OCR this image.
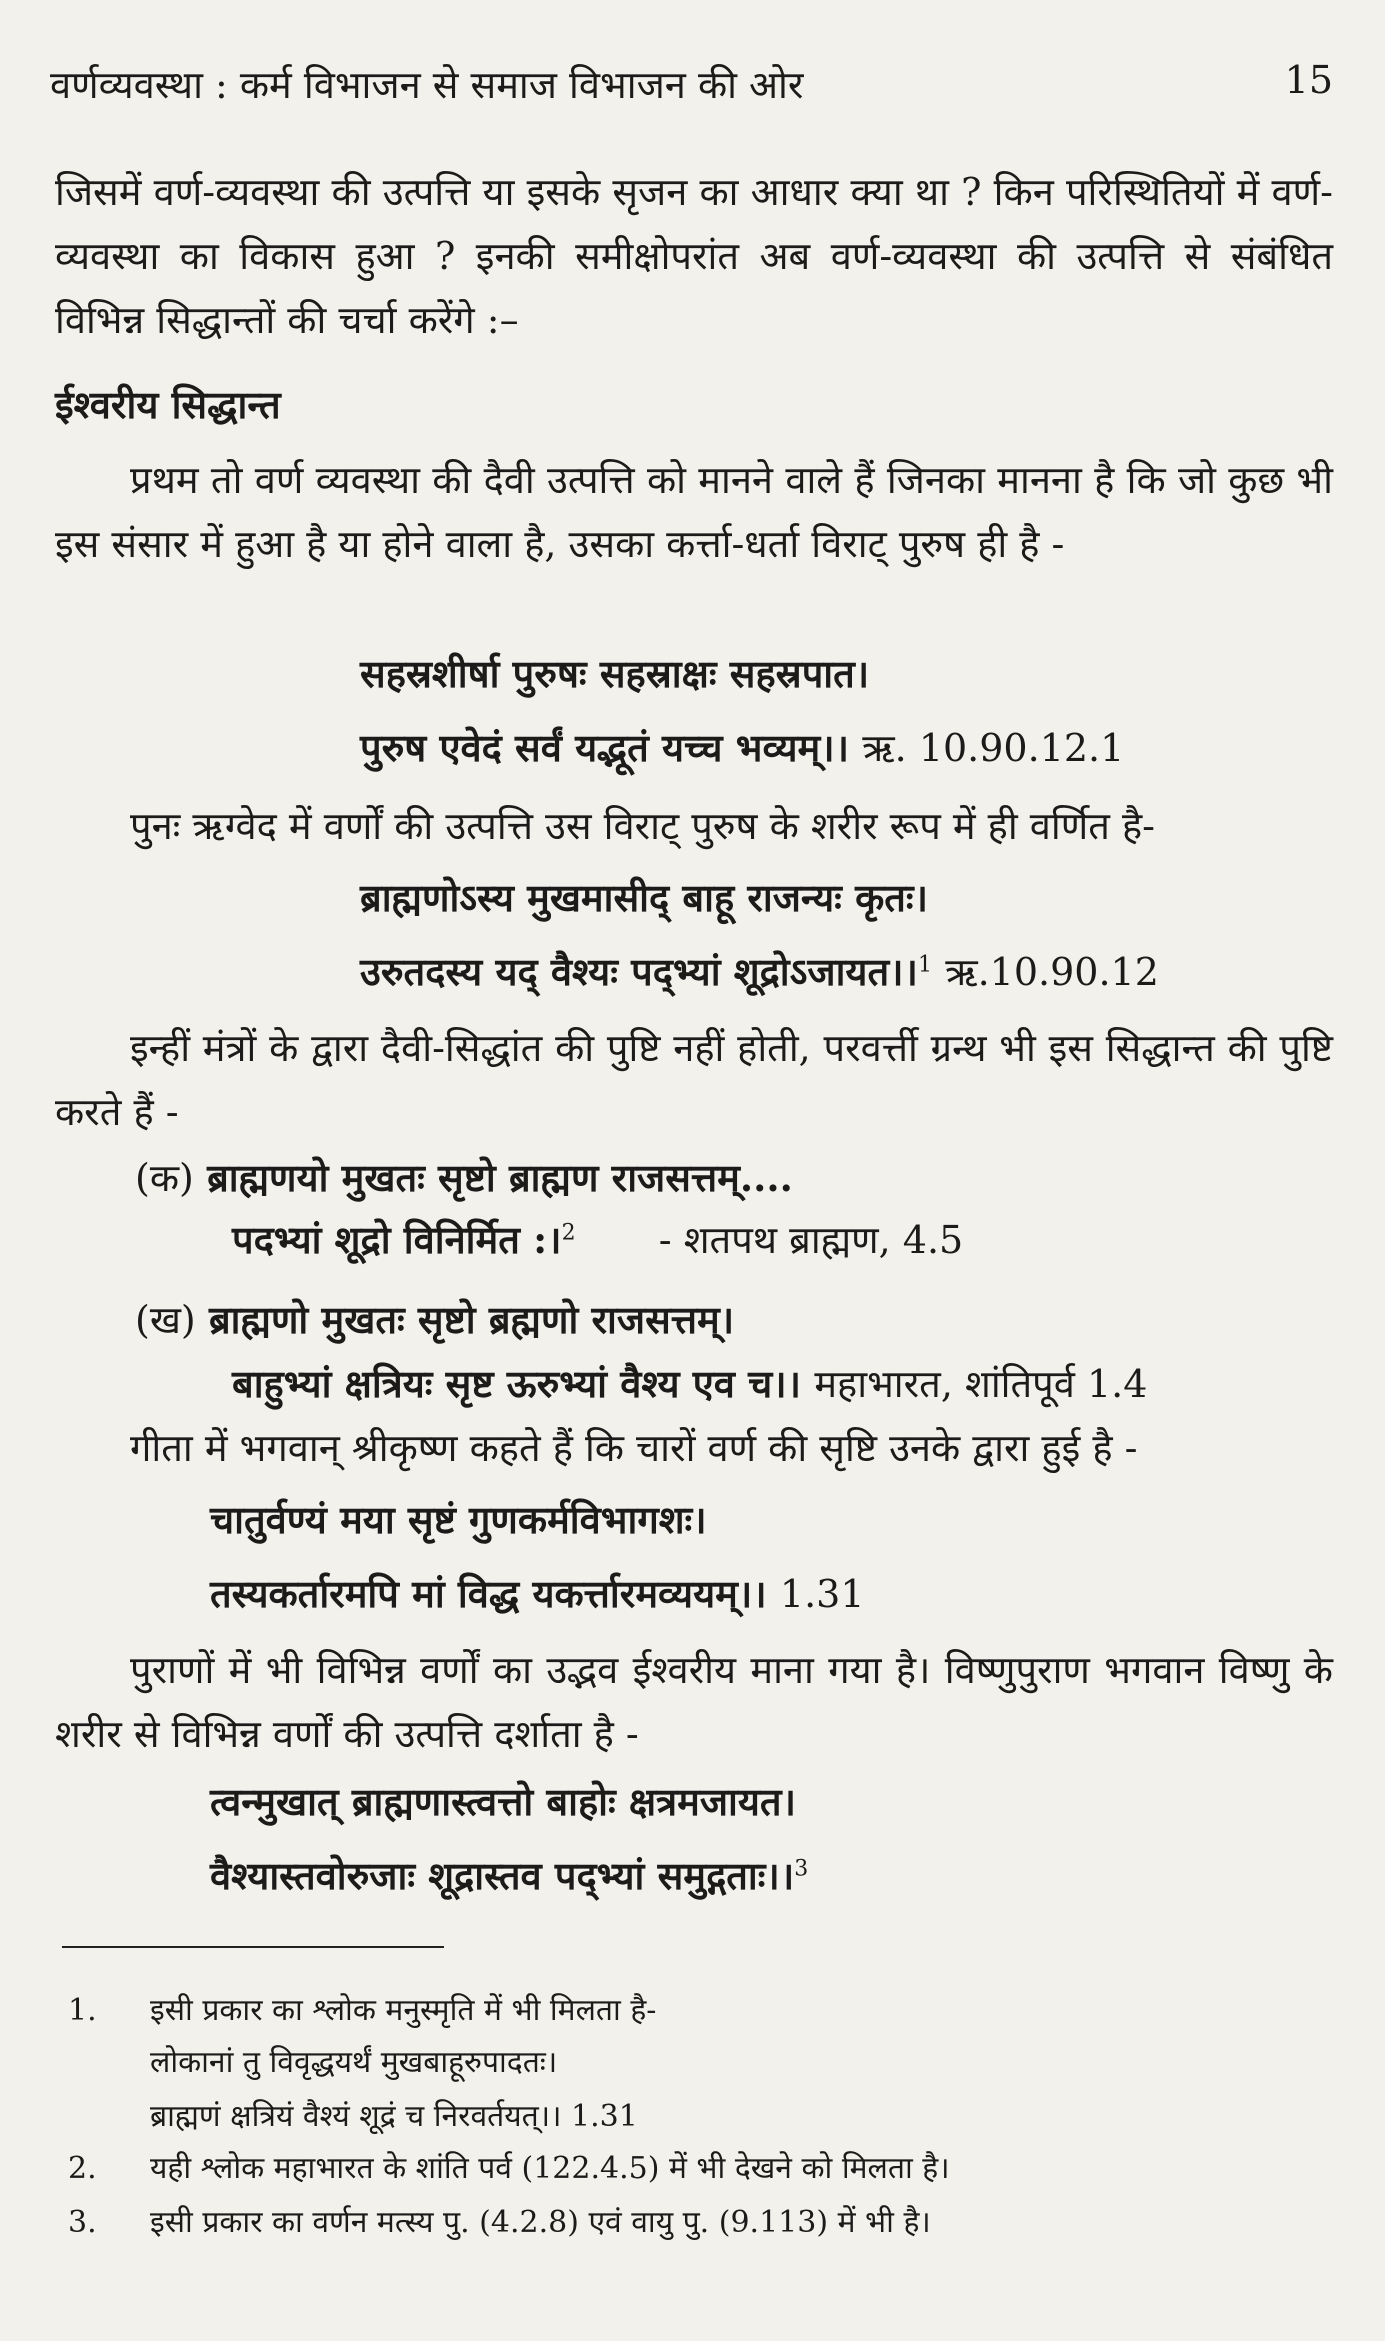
वर्णव्यवस्था : कर्म विभाजन से समाज विभाजन की ओर	15
जिसमें वर्ण-व्यवस्था की उत्पत्ति या इसके सृजन का आधार क्या था ? किन परिस्थितियों में वर्ण-व्यवस्था का विकास हुआ ? इनकी समीक्षोपरांत अब वर्ण-व्यवस्था की उत्पत्ति से संबंधित विभिन्न सिद्धान्तों की चर्चा करेंगे :–
ईश्वरीय सिद्धान्त
प्रथम तो वर्ण व्यवस्था की दैवी उत्पत्ति को मानने वाले हैं जिनका मानना है कि जो कुछ भी इस संसार में हुआ है या होने वाला है, उसका कर्त्ता-धर्ता विराट् पुरुष ही है -
सहस्रशीर्षा पुरुषः सहस्राक्षः सहस्रपात।
पुरुष एवेदं सर्वं यद्भूतं यच्च भव्यम्।। ऋ. 10.90.12.1
पुनः ऋग्वेद में वर्णों की उत्पत्ति उस विराट् पुरुष के शरीर रूप में ही वर्णित है-
ब्राह्मणोऽस्य मुखमासीद् बाहू राजन्यः कृतः।
उरुतदस्य यद् वैश्यः पद्भ्यां शूद्रोऽजायत।।$^1$ ऋ.10.90.12
इन्हीं मंत्रों के द्वारा दैवी-सिद्धांत की पुष्टि नहीं होती, परवर्त्ती ग्रन्थ भी इस सिद्धान्त की पुष्टि करते हैं -
(क) ब्राह्मणयो मुखतः सृष्टो ब्राह्मण राजसत्तम्....
पदभ्यां शूद्रो विनिर्मित :।$^2$ - शतपथ ब्राह्मण, 4.5
(ख) ब्राह्मणो मुखतः सृष्टो ब्रह्मणो राजसत्तम्।
बाहुभ्यां क्षत्रियः सृष्ट ऊरुभ्यां वैश्य एव च।। महाभारत, शांतिपूर्व 1.4
गीता में भगवान् श्रीकृष्ण कहते हैं कि चारों वर्ण की सृष्टि उनके द्वारा हुई है -
चातुर्वण्यं मया सृष्टं गुणकर्मविभागशः।
तस्यकर्तारमपि मां विद्ध यकर्त्तारमव्ययम्।। 1.31
पुराणों में भी विभिन्न वर्णों का उद्भव ईश्वरीय माना गया है। विष्णुपुराण भगवान विष्णु के शरीर से विभिन्न वर्णों की उत्पत्ति दर्शाता है -
त्वन्मुखात् ब्राह्मणास्त्वत्तो बाहोः क्षत्रमजायत।
वैश्यास्तवोरुजाः शूद्रास्तव पद्भ्यां समुद्गताः।।$^3$
1. इसी प्रकार का श्लोक मनुस्मृति में भी मिलता है-
लोकानां तु विवृद्धयर्थं मुखबाहूरुपादतः।
ब्राह्मणं क्षत्रियं वैश्यं शूद्रं च निरवर्तयत्।। 1.31
2. यही श्लोक महाभारत के शांति पर्व (122.4.5) में भी देखने को मिलता है।
3. इसी प्रकार का वर्णन मत्स्य पु. (4.2.8) एवं वायु पु. (9.113) में भी है।
